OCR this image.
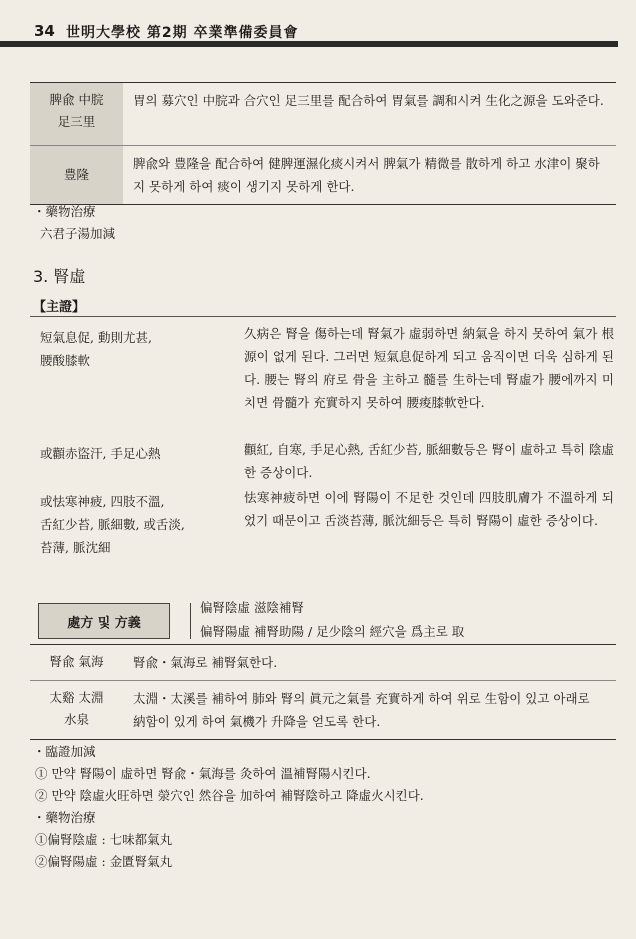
34 世明大學校 第2期 卒業準備委員會
脾兪 中脘
足三里
胃의 募穴인 中脘과 合穴인 足三里를 配合하여 胃氣를 調和시켜 生化之源을 도와준다.
豊隆
脾兪와 豊隆을 配合하여 健脾運濕化痰시켜서 脾氣가 精微를 散하게 하고 水津이 聚하지 못하게 하여 痰이 생기지 못하게 한다.
・藥物治療
六君子湯加減
3. 腎虛
【主證】
短氣息促, 動則尤甚,
腰酸膝軟
久病은 腎을 傷하는데 腎氣가 虛弱하면 納氣을 하지 못하여 氣가 根源이 없게 된다. 그러면 短氣息促하게 되고 움직이면 더욱 심하게 된다. 腰는 腎의 府로 骨을 主하고 髓를 生하는데 腎虛가 腰에까지 미치면 骨髓가 充實하지 못하여 腰痠膝軟한다.
或顴赤盜汗, 手足心熱	顴紅, 自寒, 手足心熱, 舌紅少苔, 脈細數등은 腎이 虛하고 특히 陰虛한 증상이다.
或怯寒神疲, 四肢不溫,
舌紅少苔, 脈細數, 或舌淡,
苔薄, 脈沈細
怯寒神疲하면 이에 腎陽이 不足한 것인데 四肢肌膚가 不溫하게 되었기 때문이고 舌淡苔薄, 脈沈細등은 특히 腎陽이 虛한 증상이다.
處方 및 方義
偏腎陰虛 滋陰補腎
偏腎陽虛 補腎助陽 / 足少陰의 經穴을 爲主로 取
腎兪 氣海	腎兪・氣海로 補腎氣한다.
太谿 太淵
水泉
太淵・太溪를 補하여 肺와 腎의 眞元之氣를 充實하게 하여 위로 生함이 있고 아래로 納함이 있게 하여 氣機가 升降을 얻도록 한다.
・臨證加減
① 만약 腎陽이 虛하면 腎兪・氣海를 灸하여 溫補腎陽시킨다.
② 만약 陰虛火旺하면 滎穴인 然谷을 加하여 補腎陰하고 降虛火시킨다.
・藥物治療
①偏腎陰虛 : 七味都氣丸
②偏腎陽虛 : 金匱腎氣丸
